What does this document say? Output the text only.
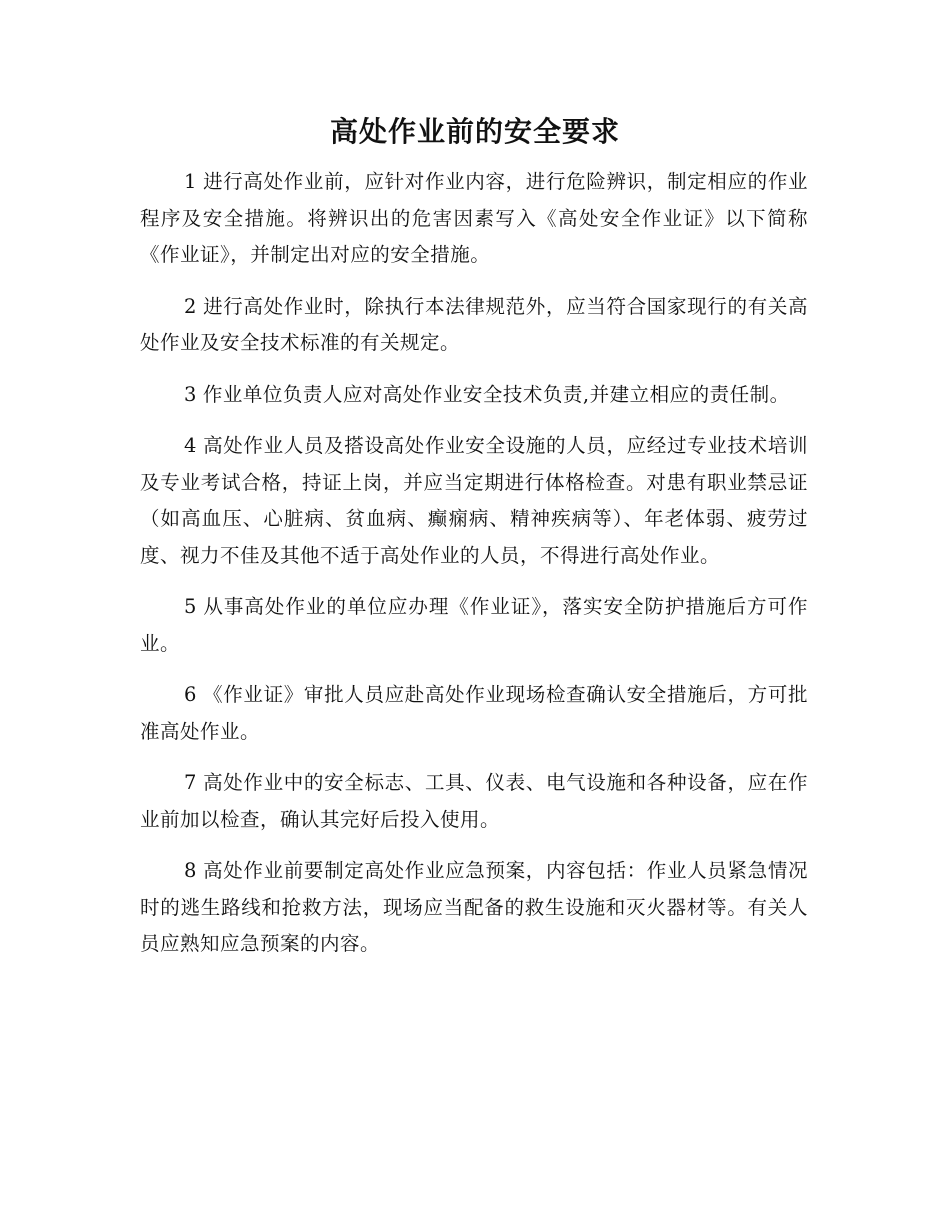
高处作业前的安全要求

1 进行高处作业前，应针对作业内容，进行危险辨识，制定相应的作业程序及安全措施。将辨识出的危害因素写入《高处安全作业证》以下简称《作业证》，并制定出对应的安全措施。

2 进行高处作业时，除执行本法律规范外，应当符合国家现行的有关高处作业及安全技术标准的有关规定。

3 作业单位负责人应对高处作业安全技术负责,并建立相应的责任制。

4 高处作业人员及搭设高处作业安全设施的人员，应经过专业技术培训及专业考试合格，持证上岗，并应当定期进行体格检查。对患有职业禁忌证（如高血压、心脏病、贫血病、癫痫病、精神疾病等）、年老体弱、疲劳过度、视力不佳及其他不适于高处作业的人员，不得进行高处作业。

5 从事高处作业的单位应办理《作业证》，落实安全防护措施后方可作业。

6 《作业证》审批人员应赴高处作业现场检查确认安全措施后，方可批准高处作业。

7 高处作业中的安全标志、工具、仪表、电气设施和各种设备，应在作业前加以检查，确认其完好后投入使用。

8 高处作业前要制定高处作业应急预案，内容包括：作业人员紧急情况时的逃生路线和抢救方法，现场应当配备的救生设施和灭火器材等。有关人员应熟知应急预案的内容。
